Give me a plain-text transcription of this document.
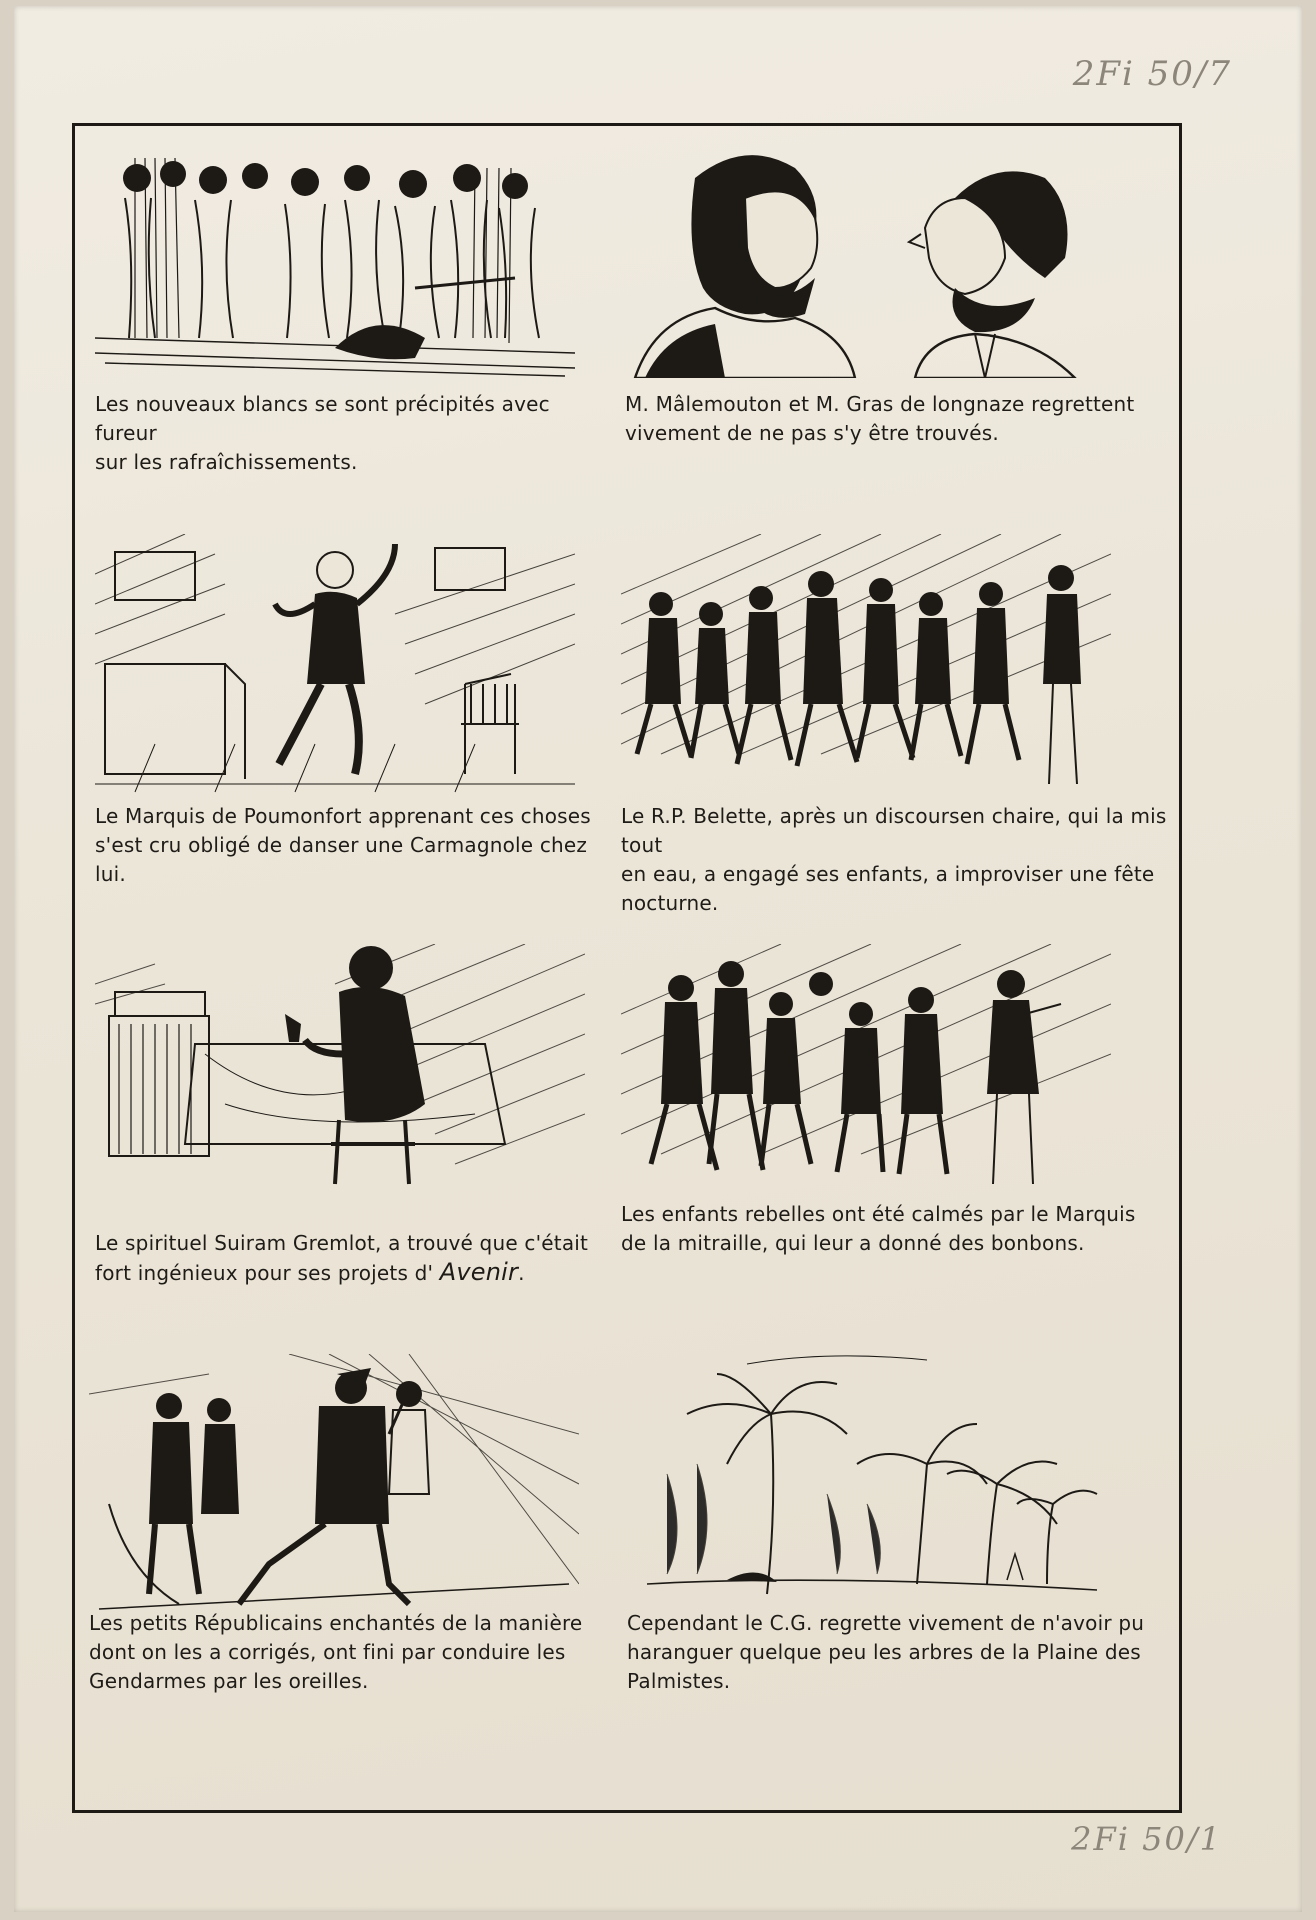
2Fi 50/7
2Fi 50/1
Les nouveaux blancs se sont précipités avec fureur
sur les rafraîchissements.
M. Mâlemouton et M. Gras de longnaze regrettent
vivement de ne pas s'y être trouvés.
Le Marquis de Poumonfort apprenant ces choses
s'est cru obligé de danser une Carmagnole chez lui.
Le R.P. Belette, après un discoursen chaire, qui la mis tout
en eau, a engagé ses enfants, a improviser une fête nocturne.

Le spirituel Suiram Gremlot, a trouvé que c'était
fort ingénieux pour ses projets d' Avenir.

Les enfants rebelles ont été calmés par le Marquis
de la mitraille, qui leur a donné des bonbons.
Les petits Républicains enchantés de la manière
dont on les a corrigés, ont fini par conduire les
Gendarmes par les oreilles.
Cependant le C.G. regrette vivement de n'avoir pu
haranguer quelque peu les arbres de la Plaine des
Palmistes.
